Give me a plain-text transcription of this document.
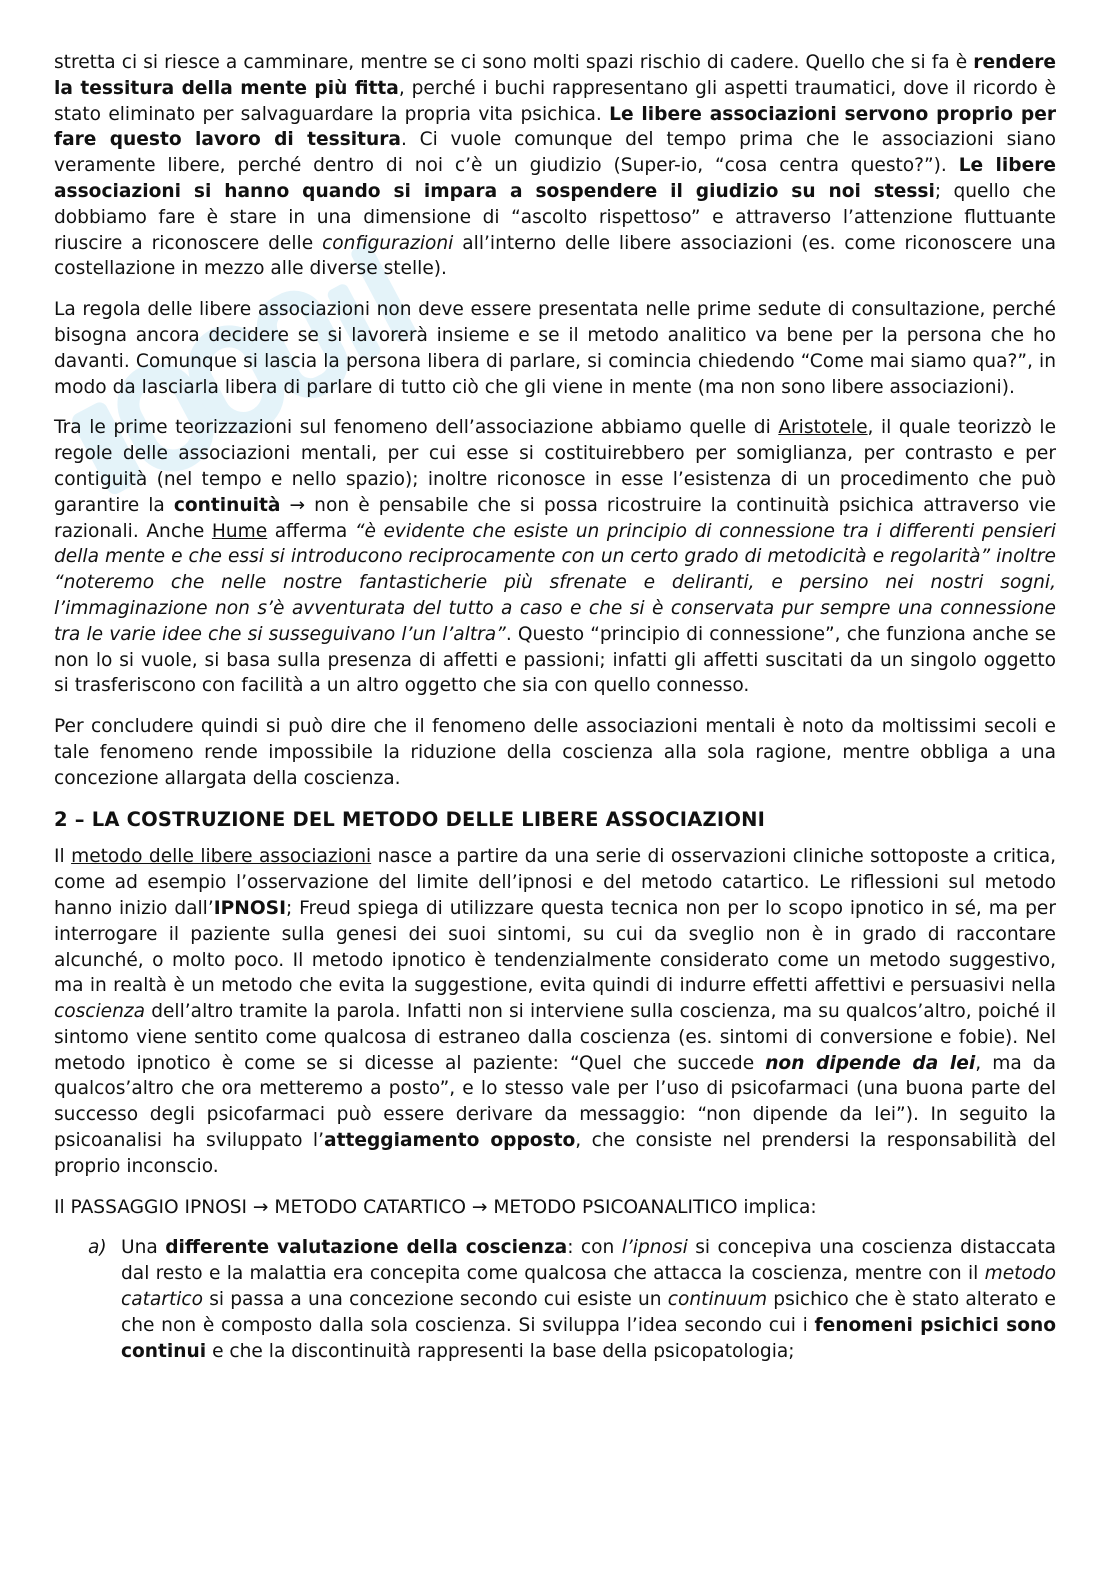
stretta ci si riesce a camminare, mentre se ci sono molti spazi rischio di cadere. Quello che si fa è rendere la tessitura della mente più fitta, perché i buchi rappresentano gli aspetti traumatici, dove il ricordo è stato eliminato per salvaguardare la propria vita psichica. Le libere associazioni servono proprio per fare questo lavoro di tessitura. Ci vuole comunque del tempo prima che le associazioni siano veramente libere, perché dentro di noi c’è un giudizio (Super-io, “cosa centra questo?”). Le libere associazioni si hanno quando si impara a sospendere il giudizio su noi stessi; quello che dobbiamo fare è stare in una dimensione di “ascolto rispettoso” e attraverso l’attenzione fluttuante riuscire a riconoscere delle configurazioni all’interno delle libere associazioni (es. come riconoscere una costellazione in mezzo alle diverse stelle).

La regola delle libere associazioni non deve essere presentata nelle prime sedute di consultazione, perché bisogna ancora decidere se si lavorerà insieme e se il metodo analitico va bene per la persona che ho davanti. Comunque si lascia la persona libera di parlare, si comincia chiedendo “Come mai siamo qua?”, in modo da lasciarla libera di parlare di tutto ciò che gli viene in mente (ma non sono libere associazioni).

Tra le prime teorizzazioni sul fenomeno dell’associazione abbiamo quelle di Aristotele, il quale teorizzò le regole delle associazioni mentali, per cui esse si costituirebbero per somiglianza, per contrasto e per contiguità (nel tempo e nello spazio); inoltre riconosce in esse l’esistenza di un procedimento che può garantire la continuità → non è pensabile che si possa ricostruire la continuità psichica attraverso vie razionali. Anche Hume afferma “è evidente che esiste un principio di connessione tra i differenti pensieri della mente e che essi si introducono reciprocamente con un certo grado di metodicità e regolarità” inoltre “noteremo che nelle nostre fantasticherie più sfrenate e deliranti, e persino nei nostri sogni, l’immaginazione non s’è avventurata del tutto a caso e che si è conservata pur sempre una connessione tra le varie idee che si susseguivano l’un l’altra”. Questo “principio di connessione”, che funziona anche se non lo si vuole, si basa sulla presenza di affetti e passioni; infatti gli affetti suscitati da un singolo oggetto si trasferiscono con facilità a un altro oggetto che sia con quello connesso.

Per concludere quindi si può dire che il fenomeno delle associazioni mentali è noto da moltissimi secoli e tale fenomeno rende impossibile la riduzione della coscienza alla sola ragione, mentre obbliga a una concezione allargata della coscienza.

2 – LA COSTRUZIONE DEL METODO DELLE LIBERE ASSOCIAZIONI

Il metodo delle libere associazioni nasce a partire da una serie di osservazioni cliniche sottoposte a critica, come ad esempio l’osservazione del limite dell’ipnosi e del metodo catartico. Le riflessioni sul metodo hanno inizio dall’IPNOSI; Freud spiega di utilizzare questa tecnica non per lo scopo ipnotico in sé, ma per interrogare il paziente sulla genesi dei suoi sintomi, su cui da sveglio non è in grado di raccontare alcunché, o molto poco. Il metodo ipnotico è tendenzialmente considerato come un metodo suggestivo, ma in realtà è un metodo che evita la suggestione, evita quindi di indurre effetti affettivi e persuasivi nella coscienza dell’altro tramite la parola. Infatti non si interviene sulla coscienza, ma su qualcos’altro, poiché il sintomo viene sentito come qualcosa di estraneo dalla coscienza (es. sintomi di conversione e fobie). Nel metodo ipnotico è come se si dicesse al paziente: “Quel che succede non dipende da lei, ma da qualcos’altro che ora metteremo a posto”, e lo stesso vale per l’uso di psicofarmaci (una buona parte del successo degli psicofarmaci può essere derivare da messaggio: “non dipende da lei”). In seguito la psicoanalisi ha sviluppato l’atteggiamento opposto, che consiste nel prendersi la responsabilità del proprio inconscio.

Il PASSAGGIO IPNOSI → METODO CATARTICO → METODO PSICOANALITICO implica:

a) Una differente valutazione della coscienza: con l’ipnosi si concepiva una coscienza distaccata dal resto e la malattia era concepita come qualcosa che attacca la coscienza, mentre con il metodo catartico si passa a una concezione secondo cui esiste un continuum psichico che è stato alterato e che non è composto dalla sola coscienza. Si sviluppa l’idea secondo cui i fenomeni psichici sono continui e che la discontinuità rappresenti la base della psicopatologia;
